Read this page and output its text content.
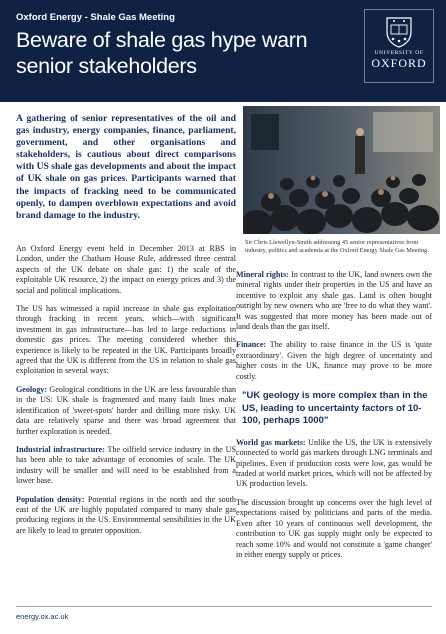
Oxford Energy - Shale Gas Meeting
Beware of shale gas hype warn senior stakeholders
UNIVERSITY OF
OXFORD
A gathering of senior representatives of the oil and gas industry, energy companies, finance, parliament, government, and other organisations and stakeholders, is cautious about direct comparisons with US shale gas developments and about the impact of UK shale on gas prices. Participants warned that the impacts of fracking need to be communicated openly, to dampen overblown expectations and avoid brand damage to the industry.
Sir Chris Llewellyn-Smith addressing 45 senior representatives from industry, politics and academia at the Oxford Energy Shale Gas Meeting.

An Oxford Energy event held in December 2013 at RBS in London, under the Chatham House Rule, addressed three central aspects of the UK debate on shale gas: 1) the scale of the exploitable UK resource, 2) the impact on energy prices and 3) the social and political implications.

The US has witnessed a rapid increase in shale gas exploitation through fracking in recent years, which—with significant investment in gas infrastructure—has led to large reductions in domestic gas prices. The meeting considered whether this experience is likely to be repeated in the UK. Participants broadly agreed that the UK is different from the US in relation to shale gas exploitation in several ways:

Geology: Geological conditions in the UK are less favourable than in the US: UK shale is fragmented and many fault lines make identification of 'sweet-spots' harder and drilling more risky. UK data are relatively sparse and there was broad agreement that further exploration is needed.

Industrial infrastructure: The oilfield service industry in the US has been able to take advantage of economies of scale. The UK industry will be smaller and will need to be established from a lower base.

Population density: Potential regions in the north and the south east of the UK are highly populated compared to many shale gas producing regions in the US. Environmental sensibilities in the UK are likely to lead to greater opposition.

Mineral rights: In contrast to the UK, land owners own the mineral rights under their properties in the US and have an incentive to exploit any shale gas. Land is often bought outright by new owners who are 'free to do what they want'. It was suggested that more money has been made out of land deals than the gas itself.

Finance: The ability to raise finance in the US is 'quite extraordinary'. Given the high degree of uncertainty and higher costs in the UK, finance may prove to be more costly.

"UK geology is more complex than in the US, leading to uncertainty factors of 10-100, perhaps 1000"

World gas markets: Unlike the US, the UK is extensively connected to world gas markets through LNG terminals and pipelines. Even if production costs were low, gas would be traded at world market prices, which will not be affected by UK production levels.

The discussion brought up concerns over the high level of expectations raised by politicians and parts of the media. Even after 10 years of continuous well development, the contribution to UK gas supply might only be expected to reach some 10% and would not constitute a 'game changer' in either energy supply or prices.

energy.ox.ac.uk
